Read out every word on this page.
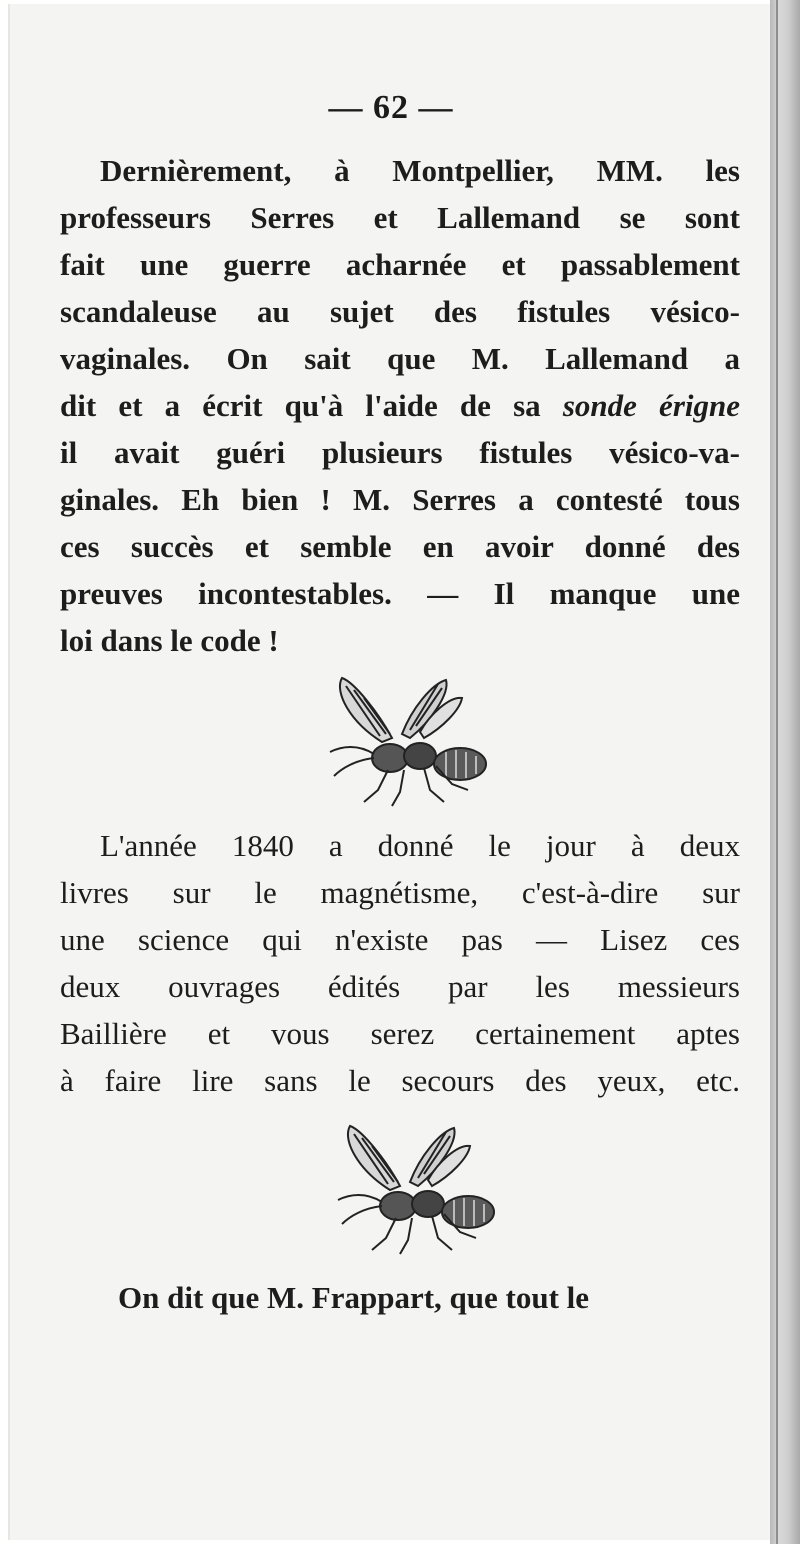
— 62 —
Dernièrement, à Montpellier, MM. les
professeurs Serres et Lallemand se sont
fait une guerre acharnée et passablement
scandaleuse au sujet des fistules vésico-
vaginales. On sait que M. Lallemand a
dit et a écrit qu'à l'aide de sa sonde érigne
il avait guéri plusieurs fistules vésico-va-
ginales. Eh bien ! M. Serres a contesté tous
ces succès et semble en avoir donné des
preuves incontestables. — Il manque une
loi dans le code !
L'année 1840 a donné le jour à deux
livres sur le magnétisme, c'est-à-dire sur
une science qui n'existe pas — Lisez ces
deux ouvrages édités par les messieurs
Baillière et vous serez certainement aptes
à faire lire sans le secours des yeux, etc.
On dit que M. Frappart, que tout le
